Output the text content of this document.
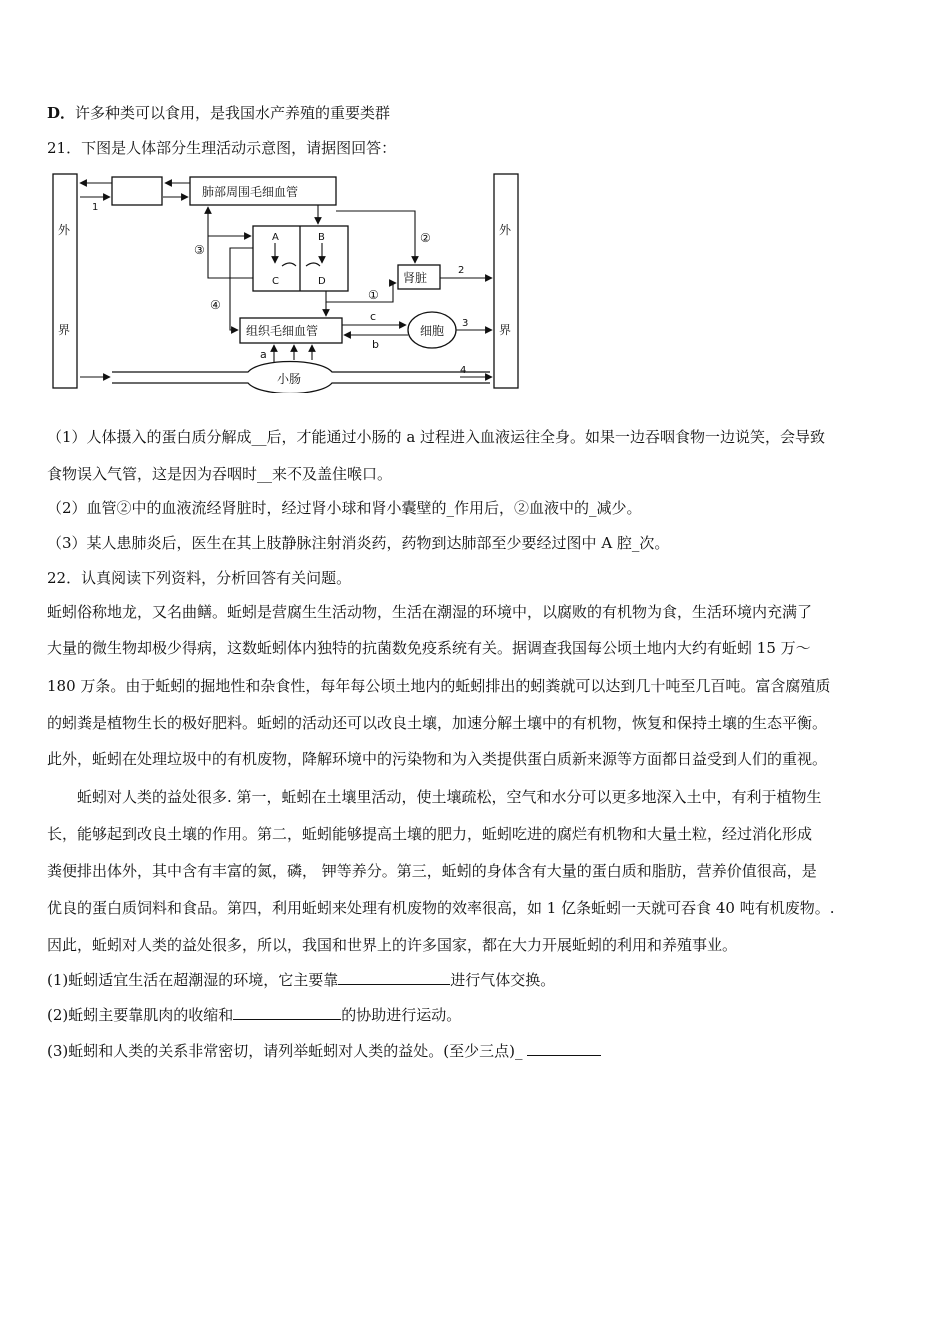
D．许多种类可以食用，是我国水产养殖的重要类群
21．下图是人体部分生理活动示意图，请据图回答：
外
界
外
界
肺部周围毛细血管
A	B
C	D	肾脏
组织毛细血管	细胞
小肠
1
2
3
4
①
②
③
④
a
b
c
（1）人体摄入的蛋白质分解成__后，才能通过小肠的 a 过程进入血液运往全身。如果一边吞咽食物一边说笑，会导致
食物误入气管，这是因为吞咽时__来不及盖住喉口。
（2）血管②中的血液流经肾脏时，经过肾小球和肾小囊壁的_作用后，②血液中的_减少。
（3）某人患肺炎后，医生在其上肢静脉注射消炎药，药物到达肺部至少要经过图中 A 腔_次。
22．认真阅读下列资料，分析回答有关问题。
蚯蚓俗称地龙，又名曲鳝。蚯蚓是营腐生生活动物，生活在潮湿的环境中，以腐败的有机物为食，生活环境内充满了
大量的微生物却极少得病，这数蚯蚓体内独特的抗菌数免疫系统有关。据调查我国每公顷土地内大约有蚯蚓 15 万～
180 万条。由于蚯蚓的掘地性和杂食性，每年每公顷土地内的蚯蚓排出的蚓粪就可以达到几十吨至几百吨。富含腐殖质
的蚓粪是植物生长的极好肥料。蚯蚓的活动还可以改良土壤，加速分解土壤中的有机物，恢复和保持土壤的生态平衡。
此外，蚯蚓在处理垃圾中的有机废物，降解环境中的污染物和为入类提供蛋白质新来源等方面都日益受到人们的重视。
蚯蚓对人类的益处很多. 第一，蚯蚓在土壤里活动，使土壤疏松，空气和水分可以更多地深入土中，有利于植物生
长，能够起到改良土壤的作用。第二，蚯蚓能够提高土壤的肥力，蚯蚓吃进的腐烂有机物和大量土粒，经过消化形成
粪便排出体外，其中含有丰富的氮，磷， 钾等养分。第三，蚯蚓的身体含有大量的蛋白质和脂肪，营养价值很高，是
优良的蛋白质饲料和食品。第四，利用蚯蚓来处理有机废物的效率很高，如 1 亿条蚯蚓一天就可吞食 40 吨有机废物。.
因此，蚯蚓对人类的益处很多，所以，我国和世界上的许多国家，都在大力开展蚯蚓的利用和养殖事业。
(1)蚯蚓适宜生活在超潮湿的环境，它主要靠	进行气体交换。
(2)蚯蚓主要靠肌肉的收缩和	的协助进行运动。
(3)蚯蚓和人类的关系非常密切，请列举蚯蚓对人类的益处。(至少三点)_
